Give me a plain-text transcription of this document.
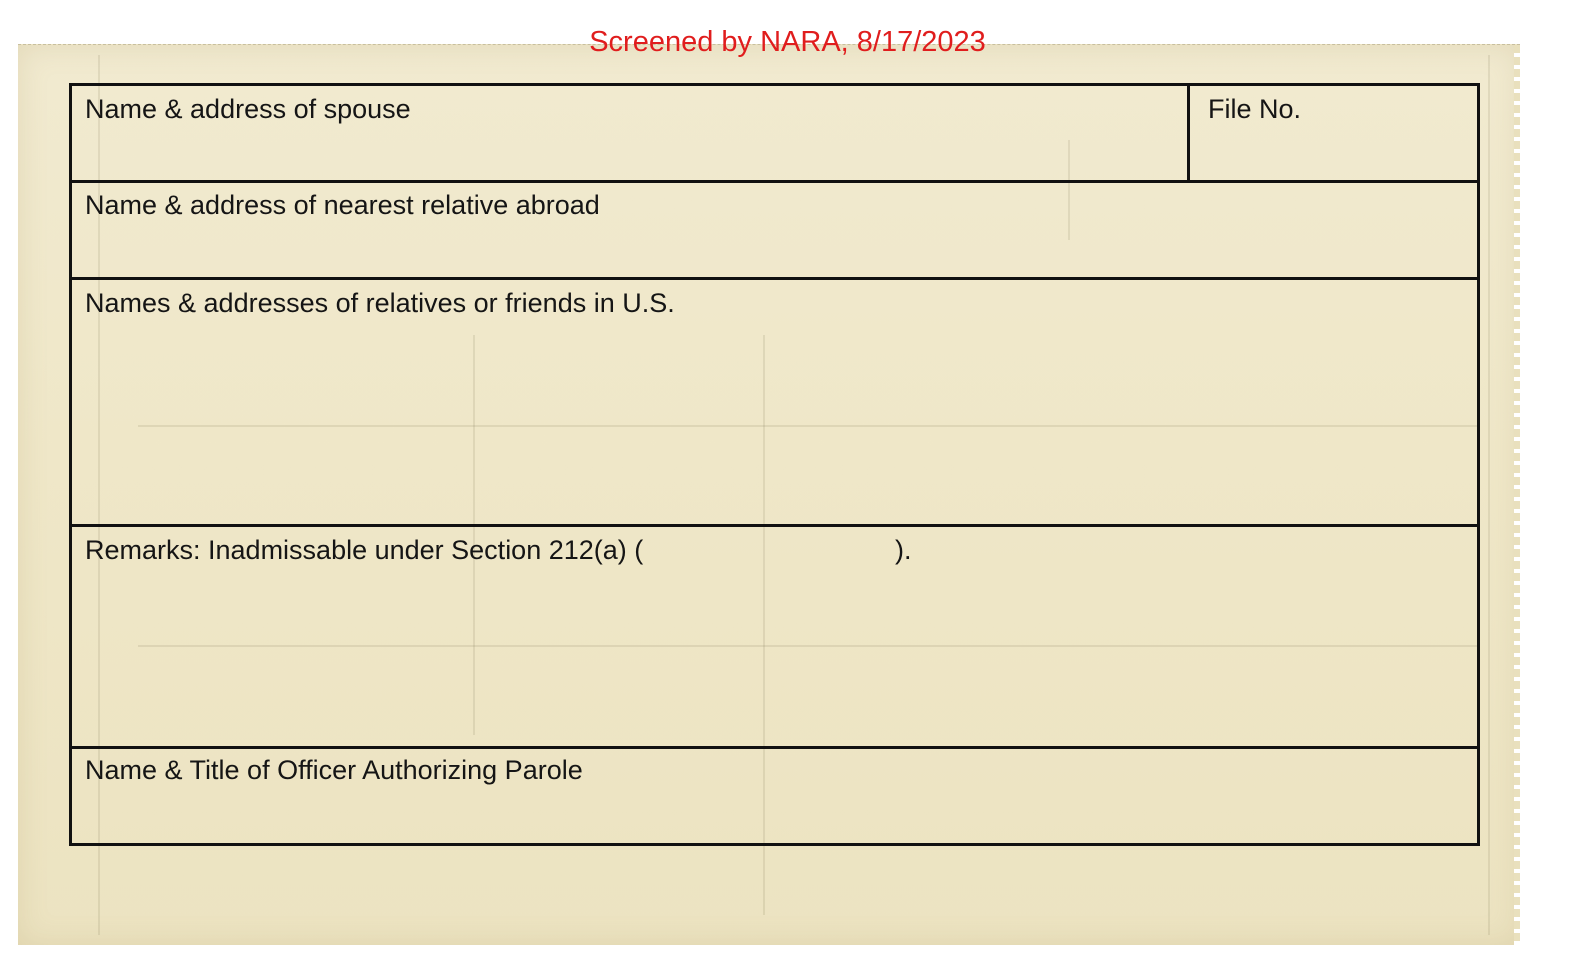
Screened by NARA, 8/17/2023

Name & address of spouse	File No.
Name & address of nearest relative abroad
Names & addresses of relatives or friends in U.S.
Remarks: Inadmissable under Section 212(a) (	).
Name & Title of Officer Authorizing Parole
